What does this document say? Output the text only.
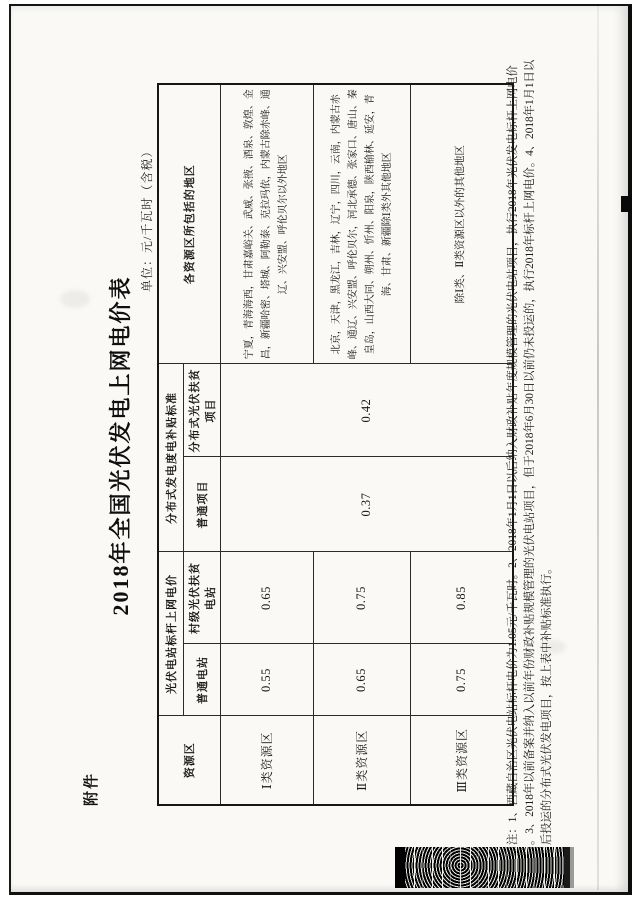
附件
2018年全国光伏发电上网电价表
单位：元/千瓦时（含税）
资源区	光伏电站标杆上网电价		分布式发电度电补贴标准		各资源区所包括的地区
	普通电站	村级光伏扶贫电站	普通项目	分布式光伏扶贫项目	
Ⅰ类资源区	0.55	0.65	0.37	0.42	宁夏，青海海西，甘肃嘉峪关、武威、张掖、酒泉、敦煌、金昌，新疆哈密、塔城、阿勒泰、克拉玛依，内蒙古除赤峰、通辽、兴安盟、呼伦贝尔以外地区
Ⅱ类资源区	0.65	0.75			北京，天津，黑龙江，吉林，辽宁，四川，云南，内蒙古赤峰、通辽、兴安盟、呼伦贝尔，河北承德、张家口、唐山、秦皇岛，山西大同、朔州、忻州、阳泉，陕西榆林、延安，青海、甘肃、新疆除Ⅰ类外其他地区
Ⅲ类资源区	0.75	0.85			除Ⅰ类、Ⅱ类资源区以外的其他地区	注：1、西藏自治区光伏电站标杆电价为1.05元/千瓦时。2、2018年1月1日以后纳入财政补贴年度规模管理的光伏电站项目，执行2018年光伏发电标杆上网电价 。3、2018年以前备案并纳入以前年份财政补贴规模管理的光伏电站项目，但于2018年6月30日以前仍未投运的，执行2018年标杆上网电价。4、2018年1月1日以 后投运的分布式光伏发电项目，按上表中补贴标准执行。
